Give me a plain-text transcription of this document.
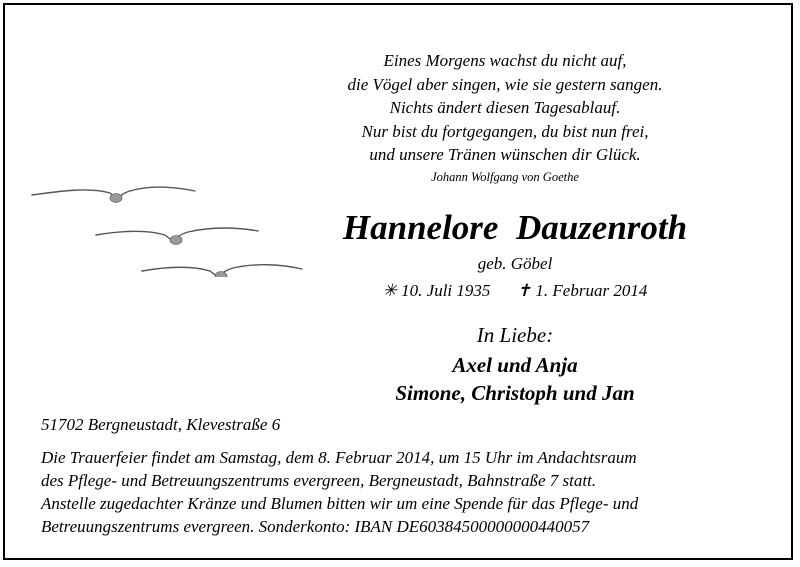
Eines Morgens wachst du nicht auf,
die Vögel aber singen, wie sie gestern sangen.
Nichts ändert diesen Tagesablauf.
Nur bist du fortgegangen, du bist nun frei,
und unsere Tränen wünschen dir Glück.
Johann Wolfgang von Goethe
Hannelore  Dauzenroth
geb. Göbel
✳ 10. Juli 1935 ✝ 1. Februar 2014
In Liebe:
Axel und Anja
Simone, Christoph und Jan
51702 Bergneustadt, Klevestraße 6
Die Trauerfeier findet am Samstag, dem 8. Februar 2014, um 15 Uhr im Andachtsraum
des Pflege- und Betreuungszentrums evergreen, Bergneustadt, Bahnstraße 7 statt.
Anstelle zugedachter Kränze und Blumen bitten wir um eine Spende für das Pflege- und
Betreuungszentrums evergreen. Sonderkonto: IBAN DE60384500000000440057
